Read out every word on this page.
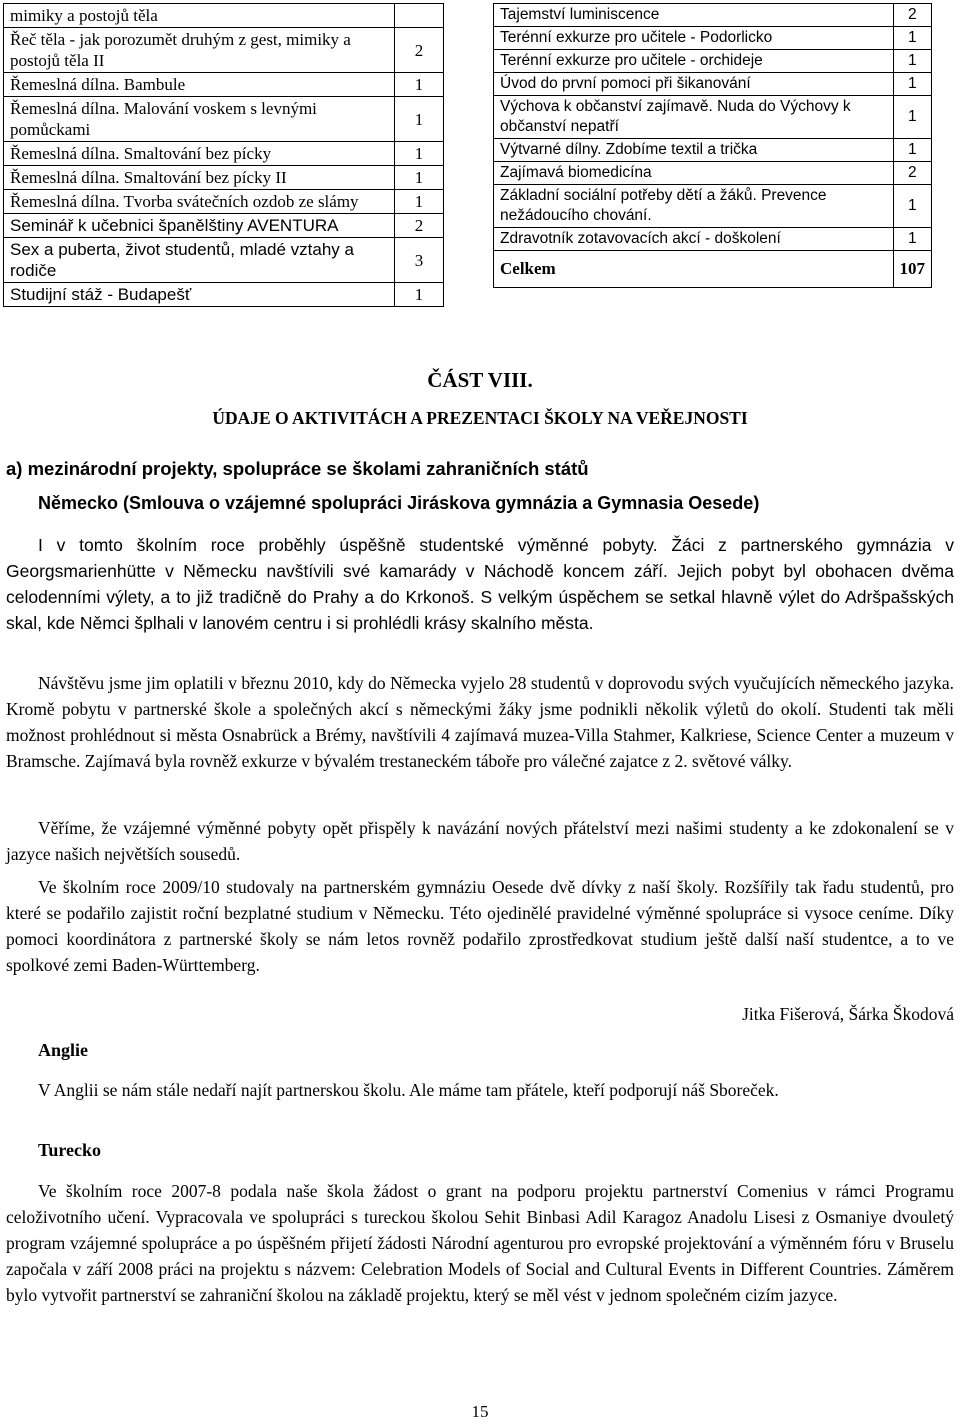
mimiky a postojů těla	
Řeč těla - jak porozumět druhým z gest, mimiky a postojů těla II	2
Řemeslná dílna. Bambule	1
Řemeslná dílna. Malování voskem s levnými pomůckami	1
Řemeslná dílna. Smaltování bez pícky	1
Řemeslná dílna. Smaltování bez pícky II	1
Řemeslná dílna. Tvorba svátečních ozdob ze slámy	1
Seminář k učebnici španělštiny AVENTURA	2
Sex a puberta, život studentů, mladé vztahy a rodiče	3
Studijní stáž - Budapešť	1
Tajemství luminiscence	2
Terénní exkurze pro učitele - Podorlicko	1
Terénní exkurze pro učitele - orchideje	1
Úvod do první pomoci při šikanování	1
Výchova k občanství zajímavě. Nuda do Výchovy k občanství nepatří	1
Výtvarné dílny. Zdobíme textil a trička	1
Zajímavá biomedicína	2
Základní sociální potřeby dětí a žáků. Prevence nežádoucího chování.	1
Zdravotník zotavovacích akcí - doškolení	1
Celkem	107
ČÁST VIII.
ÚDAJE O AKTIVITÁCH A PREZENTACI ŠKOLY NA VEŘEJNOSTI

a) mezinárodní projekty, spolupráce se školami zahraničních států

Německo (Smlouva o vzájemné spolupráci Jiráskova gymnázia a Gymnasia Oesede)

I v tomto školním roce proběhly úspěšně studentské výměnné pobyty. Žáci z partnerského gymnázia v Georgsmarienhütte v Německu navštívili své kamarády v Náchodě koncem září. Jejich pobyt byl obohacen dvěma celodenními výlety, a to již tradičně do Prahy a do Krkonoš. S velkým úspěchem se setkal hlavně výlet do Adršpašských skal, kde Němci šplhali v lanovém centru i si prohlédli krásy skalního města.

Návštěvu jsme jim oplatili v březnu 2010, kdy do Německa vyjelo 28 studentů v doprovodu svých vyučujících německého jazyka. Kromě pobytu v partnerské škole a společných akcí s německými žáky jsme podnikli několik výletů do okolí. Studenti tak měli možnost prohlédnout si města Osnabrück a Brémy, navštívili 4 zajímavá muzea-Villa Stahmer, Kalkriese, Science Center a muzeum v Bramsche. Zajímavá byla rovněž exkurze v bývalém trestaneckém táboře pro válečné zajatce z 2. světové války.

Věříme, že vzájemné výměnné pobyty opět přispěly k navázání nových přátelství mezi našimi studenty a ke zdokonalení se v jazyce našich největších sousedů.

Ve školním roce 2009/10 studovaly na partnerském gymnáziu Oesede dvě dívky z naší školy. Rozšířily tak řadu studentů, pro které se podařilo zajistit roční bezplatné studium v Německu. Této ojedinělé pravidelné výměnné spolupráce si vysoce ceníme. Díky pomoci koordinátora z partnerské školy se nám letos rovněž podařilo zprostředkovat studium ještě další naší studentce, a to ve spolkové zemi Baden-Württemberg.

Jitka Fišerová, Šárka Škodová

Anglie

V Anglii se nám stále nedaří najít partnerskou školu. Ale máme tam přátele, kteří podporují náš Sboreček.

Turecko

Ve školním roce 2007-8 podala naše škola žádost o grant na podporu projektu partnerství Comenius v rámci Programu celoživotního učení. Vypracovala ve spolupráci s tureckou školou Sehit Binbasi Adil Karagoz Anadolu Lisesi z Osmaniye dvouletý program vzájemné spolupráce a po úspěšném přijetí žádosti Národní agenturou pro evropské projektování a výměnném fóru v Bruselu započala v září 2008 práci na projektu s názvem: Celebration Models of Social and Cultural Events in Different Countries. Záměrem bylo vytvořit partnerství se zahraniční školou na základě projektu, který se měl vést v jednom společném cizím jazyce.

15
